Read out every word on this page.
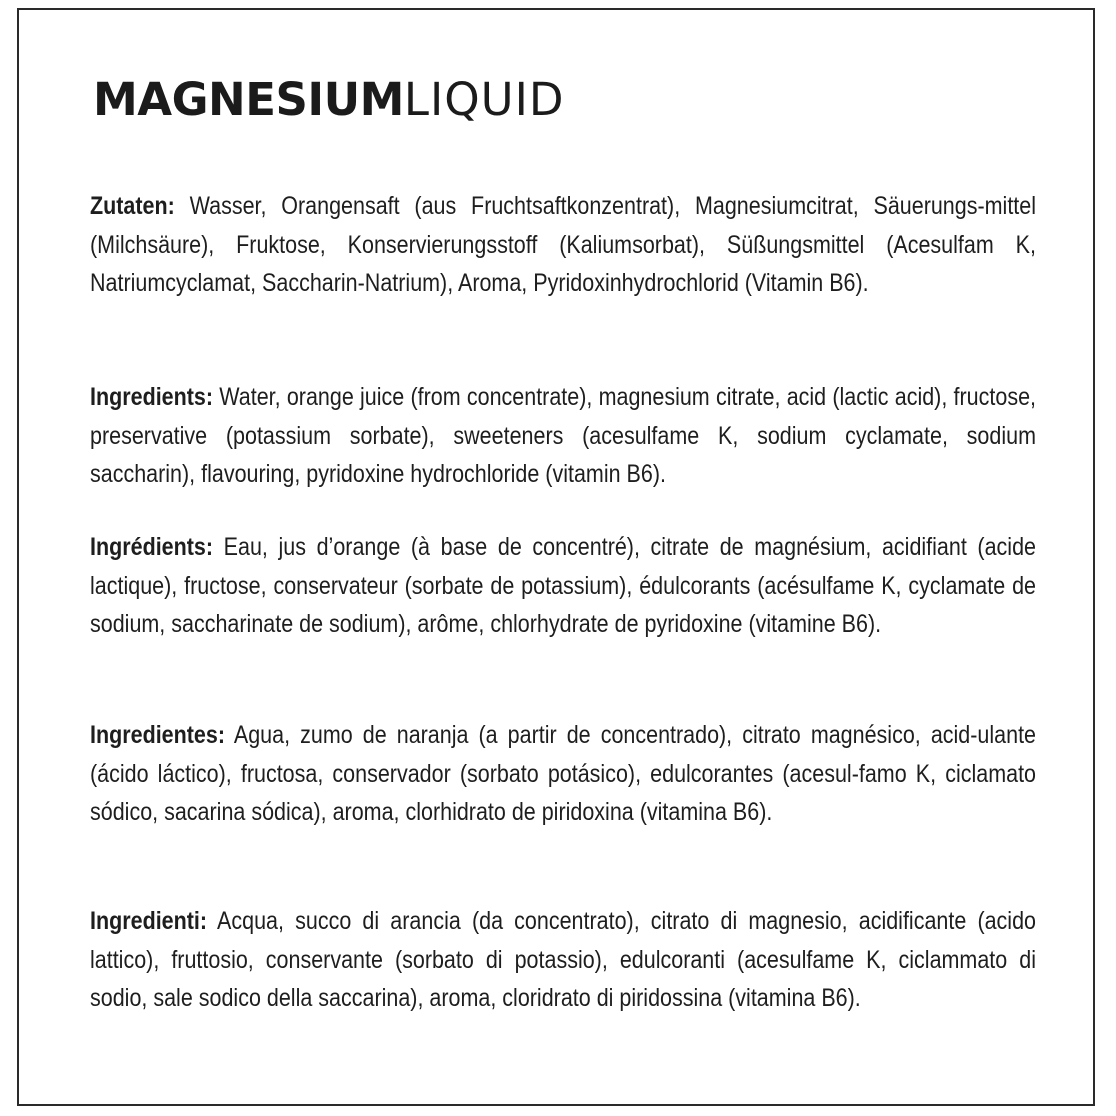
MAGNESIUMLIQUID

Zutaten: Wasser, Orangensaft (aus Fruchtsaftkonzentrat), Magnesiumcitrat, Säuerungs-mittel (Milchsäure), Fruktose, Konservierungsstoff (Kaliumsorbat), Süßungsmittel (Acesulfam K, Natriumcyclamat, Saccharin-Natrium), Aroma, Pyridoxinhydrochlorid (Vitamin B6).

Ingredients: Water, orange juice (from concentrate), magnesium citrate, acid (lactic acid), fructose, preservative (potassium sorbate), sweeteners (acesulfame K, sodium cyclamate, sodium saccharin), flavouring, pyridoxine hydrochloride (vitamin B6).

Ingrédients: Eau, jus d’orange (à base de concentré), citrate de magnésium, acidifiant (acide lactique), fructose, conservateur (sorbate de potassium), édulcorants (acésulfame K, cyclamate de sodium, saccharinate de sodium), arôme, chlorhydrate de pyridoxine (vitamine B6).

Ingredientes: Agua, zumo de naranja (a partir de concentrado), citrato magnésico, acid-ulante (ácido láctico), fructosa, conservador (sorbato potásico), edulcorantes (acesul-famo K, ciclamato sódico, sacarina sódica), aroma, clorhidrato de piridoxina (vitamina B6).

Ingredienti: Acqua, succo di arancia (da concentrato), citrato di magnesio, acidificante (acido lattico), fruttosio, conservante (sorbato di potassio), edulcoranti (acesulfame K, ciclammato di sodio, sale sodico della saccarina), aroma, cloridrato di piridossina (vitamina B6).
